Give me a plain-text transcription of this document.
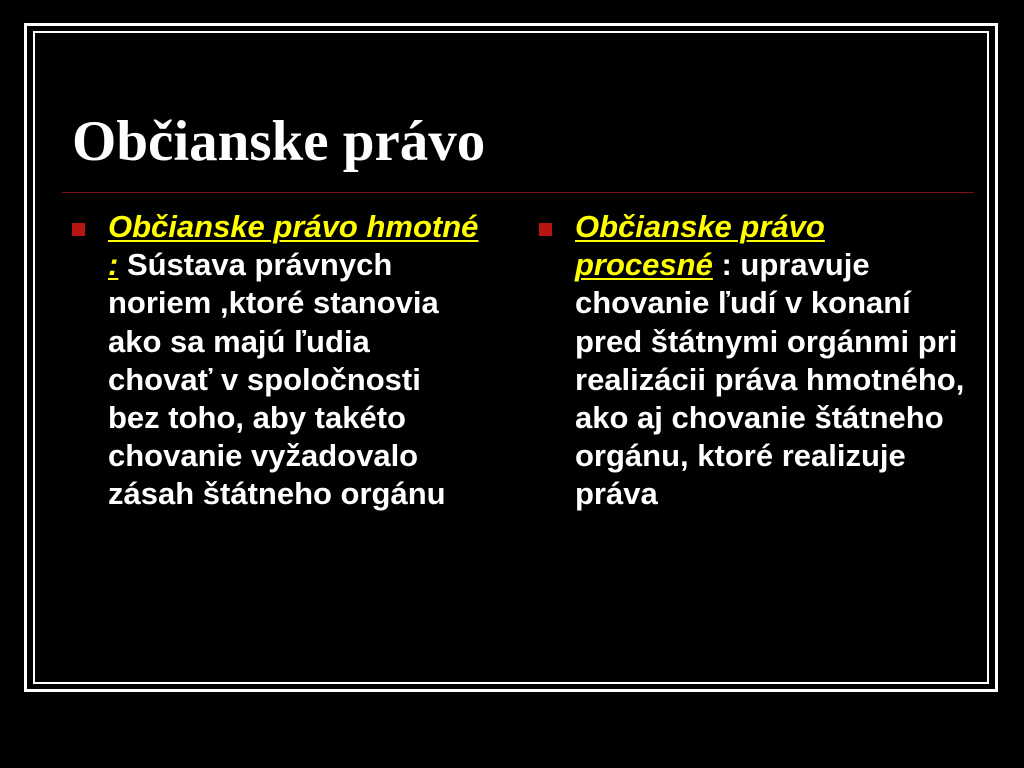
Občianske právo
Občianske právo hmotné : Sústava právnych noriem ,ktoré stanovia ako sa majú ľudia chovať v spoločnosti bez toho, aby takéto chovanie vyžadovalo zásah štátneho orgánu
Občianske právo procesné : upravuje chovanie ľudí v konaní pred štátnymi orgánmi pri realizácii práva hmotného, ako aj chovanie štátneho orgánu, ktoré realizuje práva
